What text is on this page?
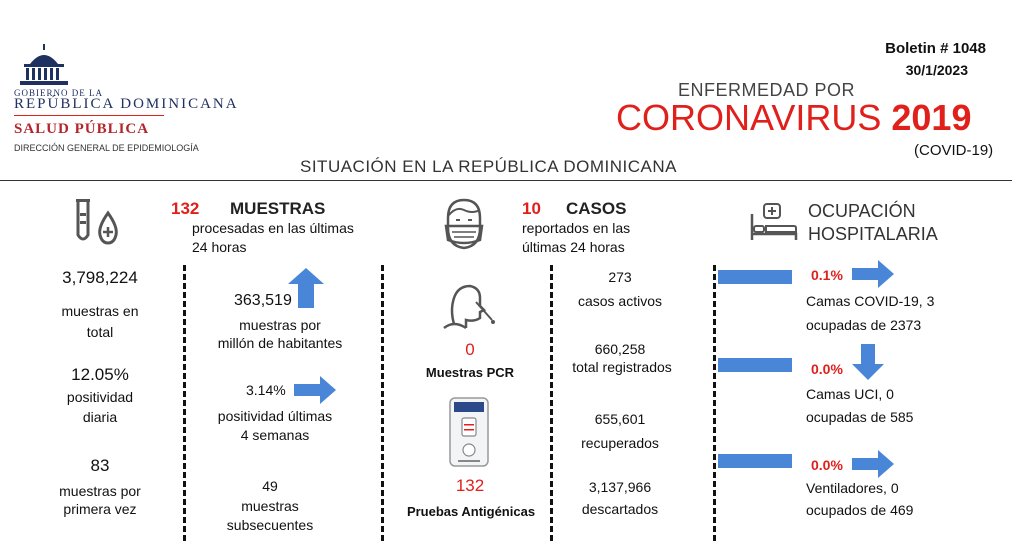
GOBIERNO DE LA
REPÚBLICA DOMINICANA
SALUD PÚBLICA
DIRECCIÓN GENERAL DE EPIDEMIOLOGÍA
Boletin # 1048
30/1/2023
ENFERMEDAD POR
CORONAVIRUS 2019
(COVID-19)
SITUACIÓN EN LA REPÚBLICA DOMINICANA
132 MUESTRAS
procesadas en las últimas
24 horas
3,798,224
muestras en
total
12.05%
positividad
diaria
83
muestras por
primera vez
363,519
muestras por
millón de habitantes
3.14%
positividad últimas
4 semanas
49
muestras
subsecuentes
10 CASOS
reportados en las
últimas 24 horas
0
Muestras PCR
132
Pruebas Antigénicas
273
casos activos
660,258
total registrados
655,601
recuperados
3,137,966
descartados
OCUPACIÓN
HOSPITALARIA
0.1%
Camas COVID-19, 3
ocupadas de 2373
0.0%
Camas UCI, 0
ocupadas de 585
0.0%
Ventiladores, 0
ocupados de 469
